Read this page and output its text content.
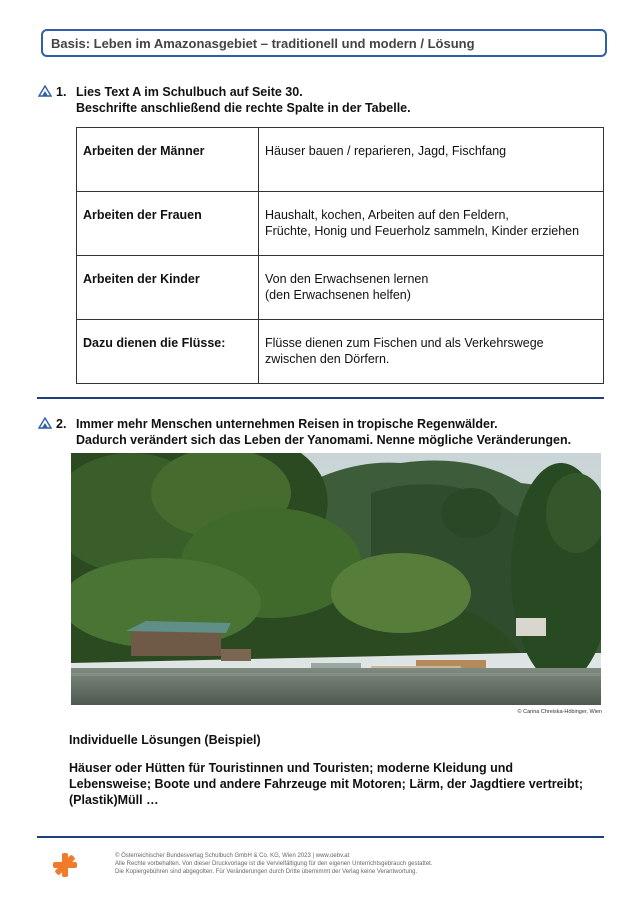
Basis: Leben im Amazonasgebiet – traditionell und modern / Lösung
1. Lies Text A im Schulbuch auf Seite 30.
Beschrifte anschließend die rechte Spalte in der Tabelle.
Arbeiten der Männer	Häuser bauen / reparieren, Jagd, Fischfang

Arbeiten der Frauen	Haushalt, kochen, Arbeiten auf den Feldern,
Früchte, Honig und Feuerholz sammeln, Kinder erziehen

Arbeiten der Kinder	Von den Erwachsenen lernen
(den Erwachsenen helfen)

Dazu dienen die Flüsse:	Flüsse dienen zum Fischen und als Verkehrswege
zwischen den Dörfern.
2. Immer mehr Menschen unternehmen Reisen in tropische Regenwälder.
Dadurch verändert sich das Leben der Yanomami. Nenne mögliche Veränderungen.
© Carina Chreiska-Höbinger, Wien
Individuelle Lösungen (Beispiel)
Häuser oder Hütten für Touristinnen und Touristen; moderne Kleidung und
Lebensweise; Boote und andere Fahrzeuge mit Motoren; Lärm, der Jagdtiere vertreibt;
(Plastik)Müll …
© Österreichischer Bundesverlag Schulbuch GmbH & Co. KG, Wien 2023 | www.oebv.at
Alle Rechte vorbehalten. Von dieser Druckvorlage ist die Vervielfältigung für den eigenen Unterrichtsgebrauch gestattet.
Die Kopiergebühren sind abgegolten. Für Veränderungen durch Dritte übernimmt der Verlag keine Verantwortung.
